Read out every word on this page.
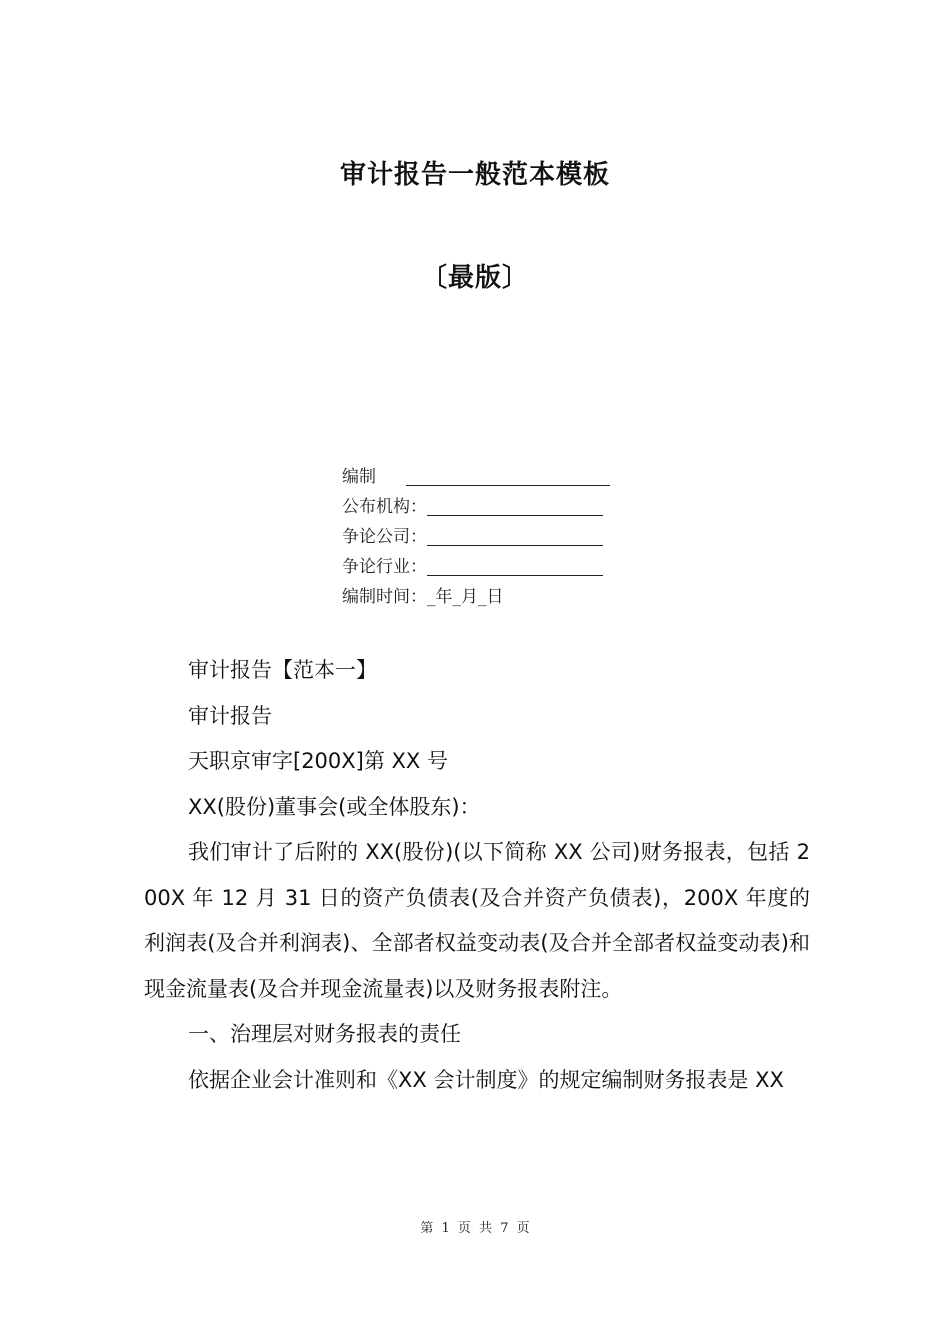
审计报告一般范本模板
〔最版〕
编制
公布机构：
争论公司：
争论行业：
编制时间：_年_月_日

审计报告【范本一】

审计报告

天职京审字[200X]第 XX 号

XX(股份)董事会(或全体股东)：

我们审计了后附的 XX(股份)(以下简称 XX 公司)财务报表，包括 200X 年 12 月 31 日的资产负债表(及合并资产负债表)，200X 年度的利润表(及合并利润表)、全部者权益变动表(及合并全部者权益变动表)和现金流量表(及合并现金流量表)以及财务报表附注。

一、治理层对财务报表的责任

依据企业会计准则和《XX 会计制度》的规定编制财务报表是 XX

第 1 页 共 7 页
